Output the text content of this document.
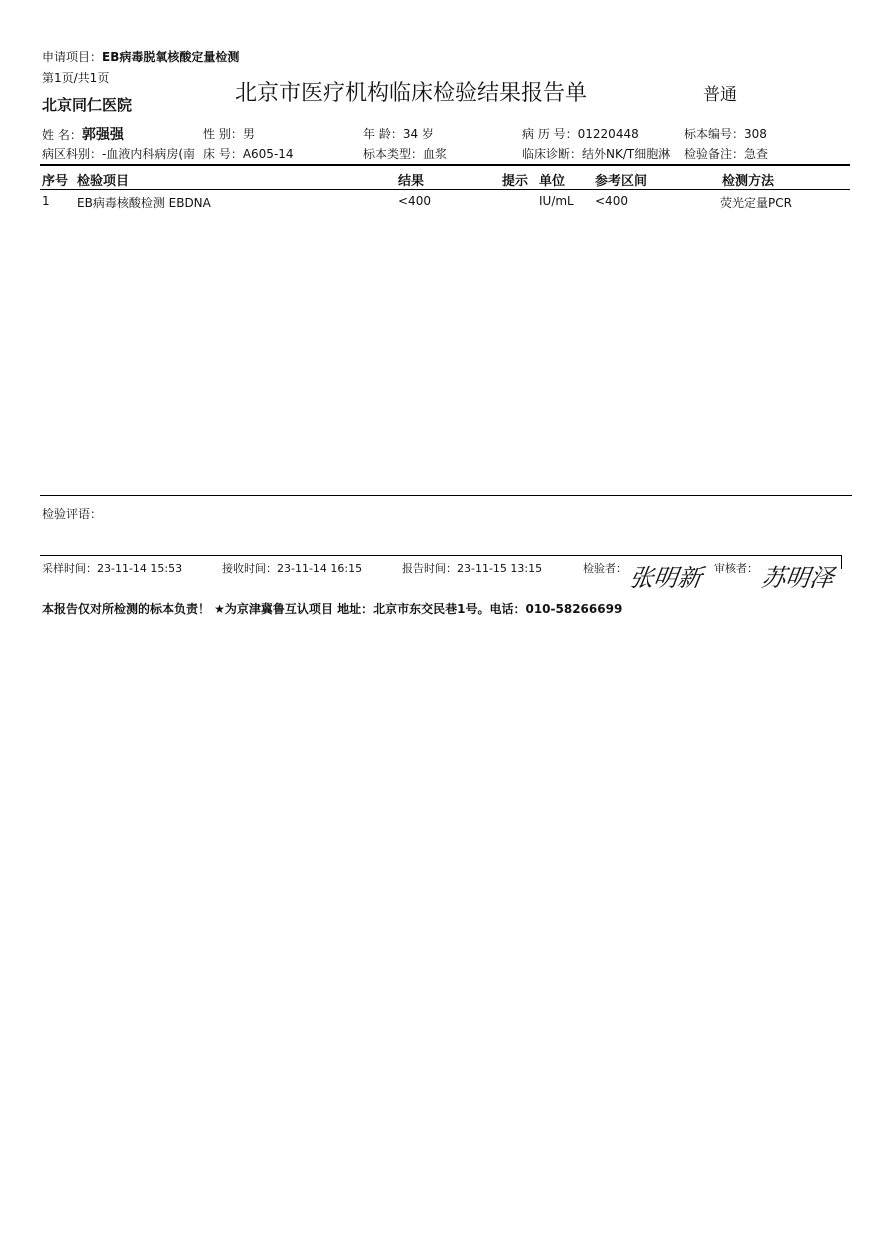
申请项目：EB病毒脱氧核酸定量检测
第1页/共1页
北京同仁医院	北京市医疗机构临床检验结果报告单	普通
姓 名：郭强强	性 别：男	年 龄：34 岁	病 历 号：01220448	标本编号：308
病区科别：-血液内科病房(南 床 号：A605-14	标本类型：血浆	临床诊断：结外NK/T细胞淋 检验备注：急查
序号 检验项目	结果	提示 单位 参考区间	检测方法
1 EB病毒核酸检测 EBDNA	<400	IU/mL <400	荧光定量PCR
检验评语：
采样时间：23-11-14 15:53	接收时间：23-11-14 16:15	报告时间：23-11-15 13:15	检验者： 张明新 审核者： 苏明泽
本报告仅对所检测的标本负责！ ★为京津冀鲁互认项目 地址：北京市东交民巷1号。电话：010-58266699
